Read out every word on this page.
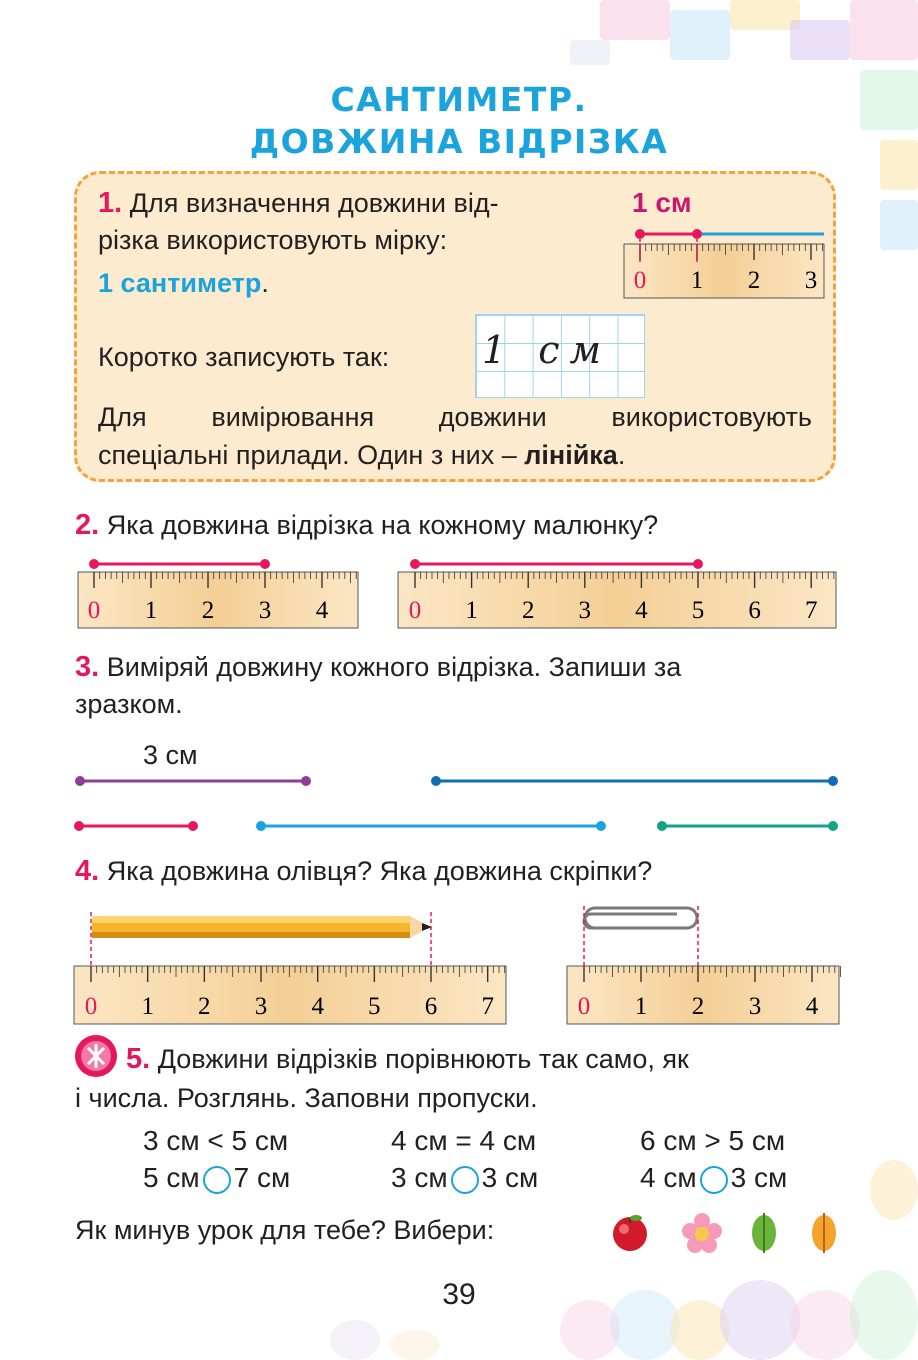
САНТИМЕТР.
ДОВЖИНА ВІДРІЗКА
1. Для визначення довжини від-
різка використовують мірку:
1 сантиметр.
1 см
0 1 2 3
Коротко записують так: 1 см
Для вимірювання довжини використовують
спеціальні прилади. Один з них – лінійка.
2. Яка довжина відрізка на кожному малюнку?
0 1 2 3 4	0 1 2 3 4 5 6 7
3. Виміряй довжину кожного відрізка. Запиши за
зразком.
3 см
4. Яка довжина олівця? Яка довжина скріпки?
0 1 2 3 4 5 6 7	0 1 2 3 4
5. Довжини відрізків порівнюють так само, як
і числа. Розглянь. Заповни пропуски.
3 см < 5 см	4 см = 4 см	6 см > 5 см
5 см 7 см	3 см 3 см	4 см 3 см
Як минув урок для тебе? Вибери:
39
